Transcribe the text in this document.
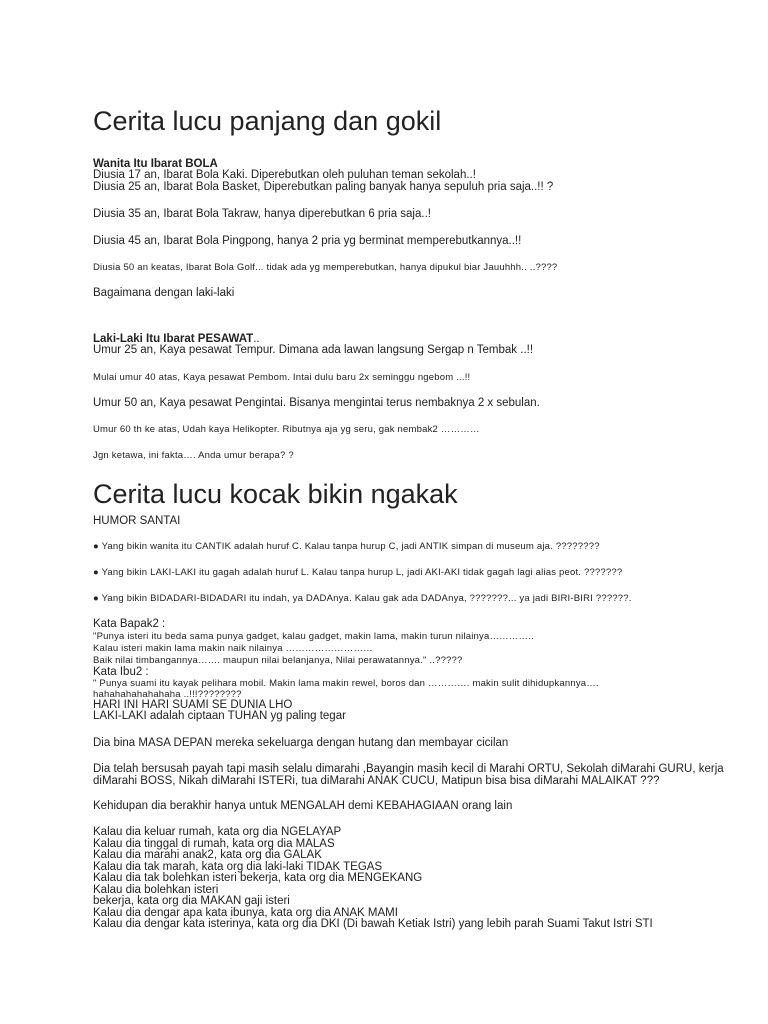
Cerita lucu panjang dan gokil
Wanita Itu Ibarat BOLA
Diusia 17 an, Ibarat Bola Kaki. Diperebutkan oleh puluhan teman sekolah..!
Diusia 25 an, Ibarat Bola Basket, Diperebutkan paling banyak hanya sepuluh pria saja..!! ?
Diusia 35 an, Ibarat Bola Takraw, hanya diperebutkan 6 pria saja..!
Diusia 45 an, Ibarat Bola Pingpong, hanya 2 pria yg berminat memperebutkannya..!!
Diusia 50 an keatas, Ibarat Bola Golf... tidak ada yg memperebutkan, hanya dipukul biar Jauuhhh.. ..????
Bagaimana dengan laki-laki
Laki-Laki Itu Ibarat PESAWAT..
Umur 25 an, Kaya pesawat Tempur. Dimana ada lawan langsung Sergap n Tembak ..!!
Mulai umur 40 atas, Kaya pesawat Pembom. Intai dulu baru 2x seminggu ngebom ...!!
Umur 50 an, Kaya pesawat Pengintai. Bisanya mengintai terus nembaknya 2 x sebulan.
Umur 60 th ke atas, Udah kaya Helikopter. Ributnya aja yg seru, gak nembak2 …………
Jgn ketawa, ini fakta…. Anda umur berapa? ?
Cerita lucu kocak bikin ngakak
HUMOR SANTAI
● Yang bikin wanita itu CANTIK adalah huruf C. Kalau tanpa hurup C, jadi ANTIK simpan di museum aja. ????????
● Yang bikin LAKI-LAKI itu gagah adalah huruf L. Kalau tanpa hurup L, jadi AKI-AKI tidak gagah lagi alias peot. ???????
● Yang bikin BIDADARI-BIDADARI itu indah, ya DADAnya. Kalau gak ada DADAnya, ???????... ya jadi BIRI-BIRI ??????.
Kata Bapak2 :
"Punya isteri itu beda sama punya gadget, kalau gadget, makin lama, makin turun nilainya…………..
Kalau isteri makin lama makin naik nilainya ………………………
Baik nilai timbangannya……. maupun nilai belanjanya, Nilai perawatannya." ..?????
Kata Ibu2 :
" Punya suami itu kayak pelihara mobil. Makin lama makin rewel, boros dan …………. makin sulit dihidupkannya….
hahahahahahahaha ..!!!????????
HARI INI HARI SUAMI SE DUNIA LHO
LAKI-LAKI adalah ciptaan TUHAN yg paling tegar
Dia bina MASA DEPAN mereka sekeluarga dengan hutang dan membayar cicilan
Dia telah bersusah payah tapi masih selalu dimarahi ,Bayangin masih kecil di Marahi ORTU, Sekolah diMarahi GURU, kerja
diMarahi BOSS, Nikah diMarahi ISTERi, tua diMarahi ANAK CUCU, Matipun bisa bisa diMarahi MALAIKAT ???
Kehidupan dia berakhir hanya untuk MENGALAH demi KEBAHAGIAAN orang lain
Kalau dia keluar rumah, kata org dia NGELAYAP
Kalau dia tinggal di rumah, kata org dia MALAS
Kalau dia marahi anak2, kata org dia GALAK
Kalau dia tak marah, kata org dia laki-laki TIDAK TEGAS
Kalau dia tak bolehkan isteri bekerja, kata org dia MENGEKANG
Kalau dia bolehkan isteri
bekerja, kata org dia MAKAN gaji isteri
Kalau dia dengar apa kata ibunya, kata org dia ANAK MAMI
Kalau dia dengar kata isterinya, kata org dia DKI (Di bawah Ketiak Istri) yang lebih parah Suami Takut Istri STI
